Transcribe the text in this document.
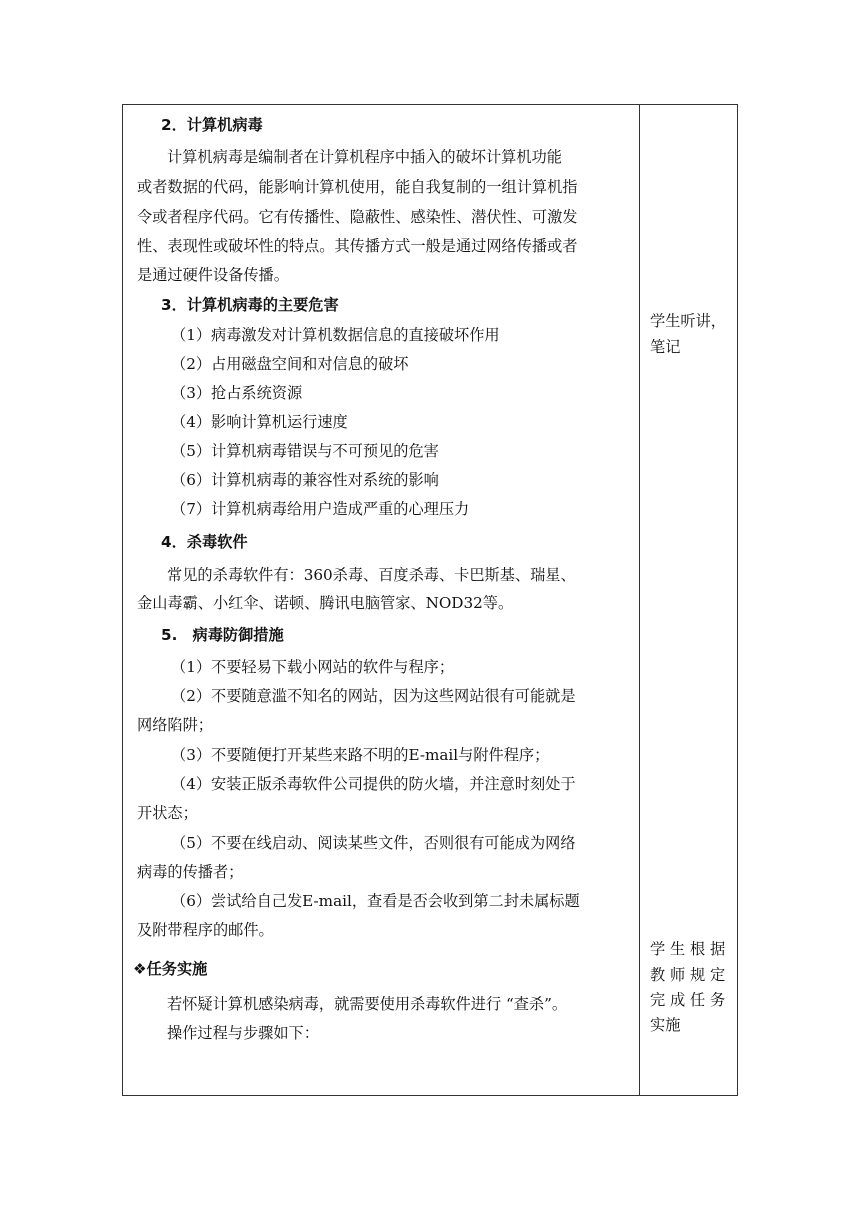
2．计算机病毒
计算机病毒是编制者在计算机程序中插入的破坏计算机功能
或者数据的代码，能影响计算机使用，能自我复制的一组计算机指
令或者程序代码。它有传播性、隐蔽性、感染性、潜伏性、可激发
性、表现性或破坏性的特点。其传播方式一般是通过网络传播或者
是通过硬件设备传播。
3．计算机病毒的主要危害
（1）病毒激发对计算机数据信息的直接破坏作用
（2）占用磁盘空间和对信息的破坏
（3）抢占系统资源
（4）影响计算机运行速度
（5）计算机病毒错误与不可预见的危害
（6）计算机病毒的兼容性对系统的影响
（7）计算机病毒给用户造成严重的心理压力
4．杀毒软件
常见的杀毒软件有：360杀毒、百度杀毒、卡巴斯基、瑞星、
金山毒霸、小红伞、诺顿、腾讯电脑管家、NOD32等。
5.　病毒防御措施
（1）不要轻易下载小网站的软件与程序；
（2）不要随意滥不知名的网站，因为这些网站很有可能就是
网络陷阱；
（3）不要随便打开某些来路不明的E-mail与附件程序；
（4）安装正版杀毒软件公司提供的防火墙，并注意时刻处于
开状态；
（5）不要在线启动、阅读某些文件，否则很有可能成为网络
病毒的传播者；
（6）尝试给自己发E-mail，查看是否会收到第二封未属标题
及附带程序的邮件。
❖任务实施
若怀疑计算机感染病毒，就需要使用杀毒软件进行 “查杀”。
操作过程与步骤如下：
学生听讲，
笔记
学 生 根 据
教 师 规 定
完 成 任 务
实施
